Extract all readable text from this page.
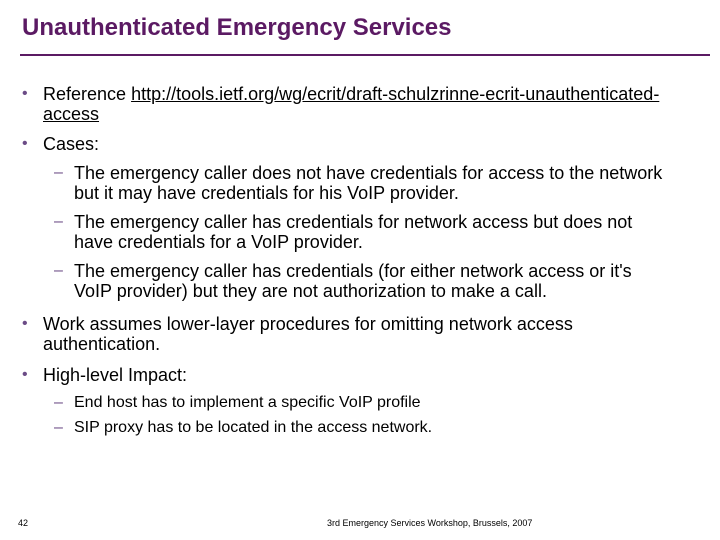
Unauthenticated Emergency Services
• Reference http://tools.ietf.org/wg/ecrit/draft-schulzrinne-ecrit-unauthenticated-access
• Cases:
– The emergency caller does not have credentials for access to the network but it may have credentials for his VoIP provider.
– The emergency caller has credentials for network access but does not have credentials for a VoIP provider.
– The emergency caller has credentials (for either network access or it's VoIP provider) but they are not authorization to make a call.
• Work assumes lower-layer procedures for omitting network access authentication.
• High-level Impact:
– End host has to implement a specific VoIP profile
– SIP proxy has to be located in the access network.
42	3rd Emergency Services Workshop, Brussels, 2007
